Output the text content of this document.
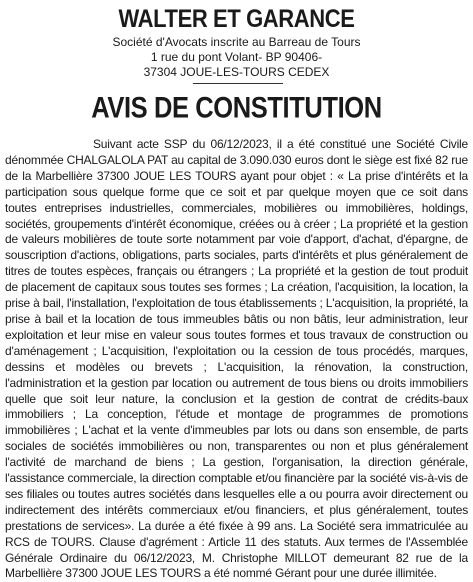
WALTER ET GARANCE
Société d'Avocats inscrite au Barreau de Tours
1 rue du pont Volant- BP 90406-
37304 JOUE-LES-TOURS CEDEX
AVIS DE CONSTITUTION

Suivant acte SSP du 06/12/2023, il a été constitué une Société Civile dénommée CHALGALOLA PAT au capital de 3.090.030 euros dont le siège est fixé 82 rue de la Marbellière 37300 JOUE LES TOURS ayant pour objet : « La prise d'intérêts et la participation sous quelque forme que ce soit et par quelque moyen que ce soit dans toutes entreprises industrielles, commerciales, mobilières ou immobilières, holdings, sociétés, groupements d'intérêt économique, créées ou à créer ; La propriété et la gestion de valeurs mobilières de toute sorte notamment par voie d'apport, d'achat, d'épargne, de souscription d'actions, obligations, parts sociales, parts d'intérêts et plus généralement de titres de toutes espèces, français ou étrangers ; La propriété et la gestion de tout produit de placement de capitaux sous toutes ses formes ; La création, l'acquisition, la location, la prise à bail, l'installation, l'exploitation de tous établissements ; L'acquisition, la propriété, la prise à bail et la location de tous immeubles bâtis ou non bâtis, leur administration, leur exploitation et leur mise en valeur sous toutes formes et tous travaux de construction ou d'aménagement ; L'acquisition, l'exploitation ou la cession de tous procédés, marques, dessins et modèles ou brevets ; L'acquisition, la rénovation, la construction, l'administration et la gestion par location ou autrement de tous biens ou droits immobiliers quelle que soit leur nature, la conclusion et la gestion de contrat de crédits-baux immobiliers ; La conception, l'étude et montage de programmes de promotions immobilières ; L'achat et la vente d'immeubles par lots ou dans son ensemble, de parts sociales de sociétés immobilières ou non, transparentes ou non et plus généralement l'activité de marchand de biens ; La gestion, l'organisation, la direction générale, l'assistance commerciale, la direction comptable et/ou financière par la société vis-à-vis de ses filiales ou toutes autres sociétés dans lesquelles elle a ou pourra avoir directement ou indirectement des intérêts commerciaux et/ou financiers, et plus généralement, toutes prestations de services». La durée a été fixée à 99 ans. La Société sera immatriculée au RCS de TOURS. Clause d'agrément : Article 11 des statuts. Aux termes de l'Assemblée Générale Ordinaire du 06/12/2023, M. Christophe MILLOT demeurant 82 rue de la Marbellière 37300 JOUE LES TOURS a été nommé Gérant pour une durée illimitée.
